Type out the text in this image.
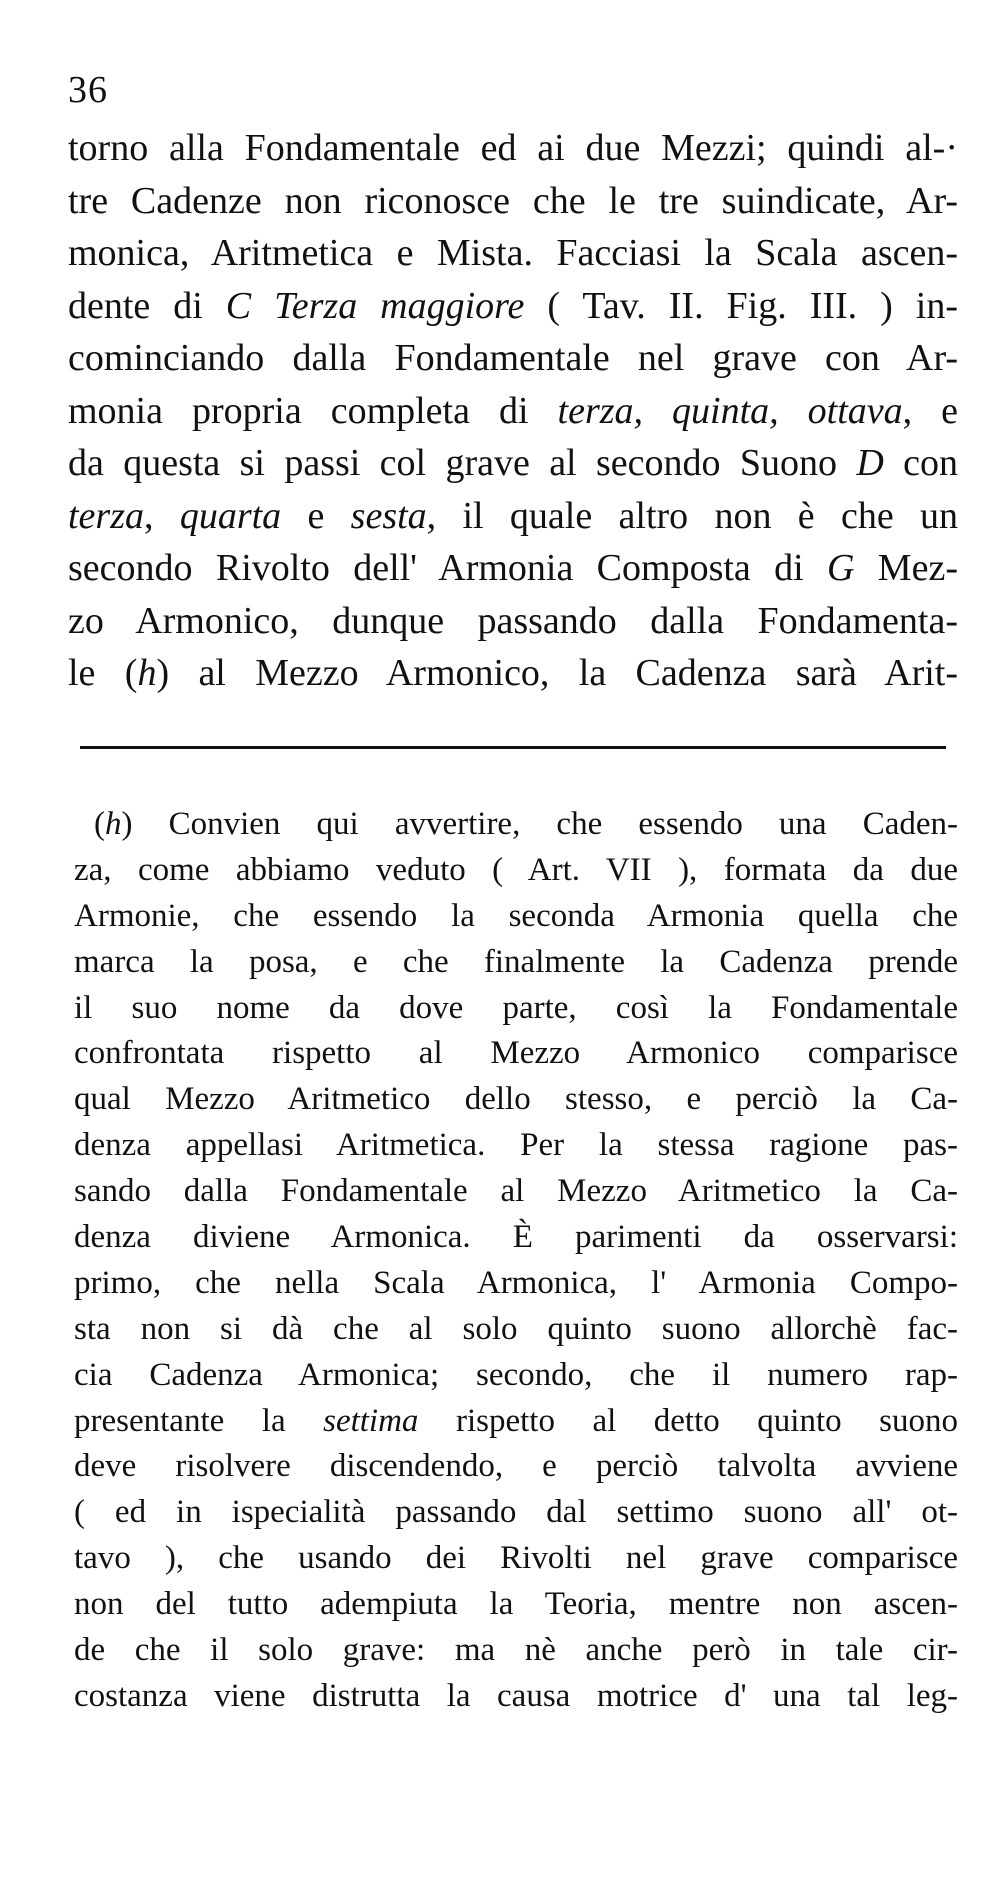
36
torno alla Fondamentale ed ai due Mezzi; quindi al-·
tre Cadenze non riconosce che le tre suindicate, Ar-
monica, Aritmetica e Mista. Facciasi la Scala ascen-
dente di C Terza maggiore ( Tav. II. Fig. III. ) in-
cominciando dalla Fondamentale nel grave con Ar-
monia propria completa di terza, quinta, ottava, e
da questa si passi col grave al secondo Suono D con
terza, quarta e sesta, il quale altro non è che un
secondo Rivolto dell' Armonia Composta di G Mez-
zo Armonico, dunque passando dalla Fondamenta-
le (h) al Mezzo Armonico, la Cadenza sarà Arit-
(h) Convien qui avvertire, che essendo una Caden-
za, come abbiamo veduto ( Art. VII ), formata da due
Armonie, che essendo la seconda Armonia quella che
marca la posa, e che finalmente la Cadenza prende
il suo nome da dove parte, così la Fondamentale
confrontata rispetto al Mezzo Armonico comparisce
qual Mezzo Aritmetico dello stesso, e perciò la Ca-
denza appellasi Aritmetica. Per la stessa ragione pas-
sando dalla Fondamentale al Mezzo Aritmetico la Ca-
denza diviene Armonica. È parimenti da osservarsi:
primo, che nella Scala Armonica, l' Armonia Compo-
sta non si dà che al solo quinto suono allorchè fac-
cia Cadenza Armonica; secondo, che il numero rap-
presentante la settima rispetto al detto quinto suono
deve risolvere discendendo, e perciò talvolta avviene
( ed in ispecialità passando dal settimo suono all' ot-
tavo ), che usando dei Rivolti nel grave comparisce
non del tutto adempiuta la Teoria, mentre non ascen-
de che il solo grave: ma nè anche però in tale cir-
costanza viene distrutta la causa motrice d' una tal leg-
